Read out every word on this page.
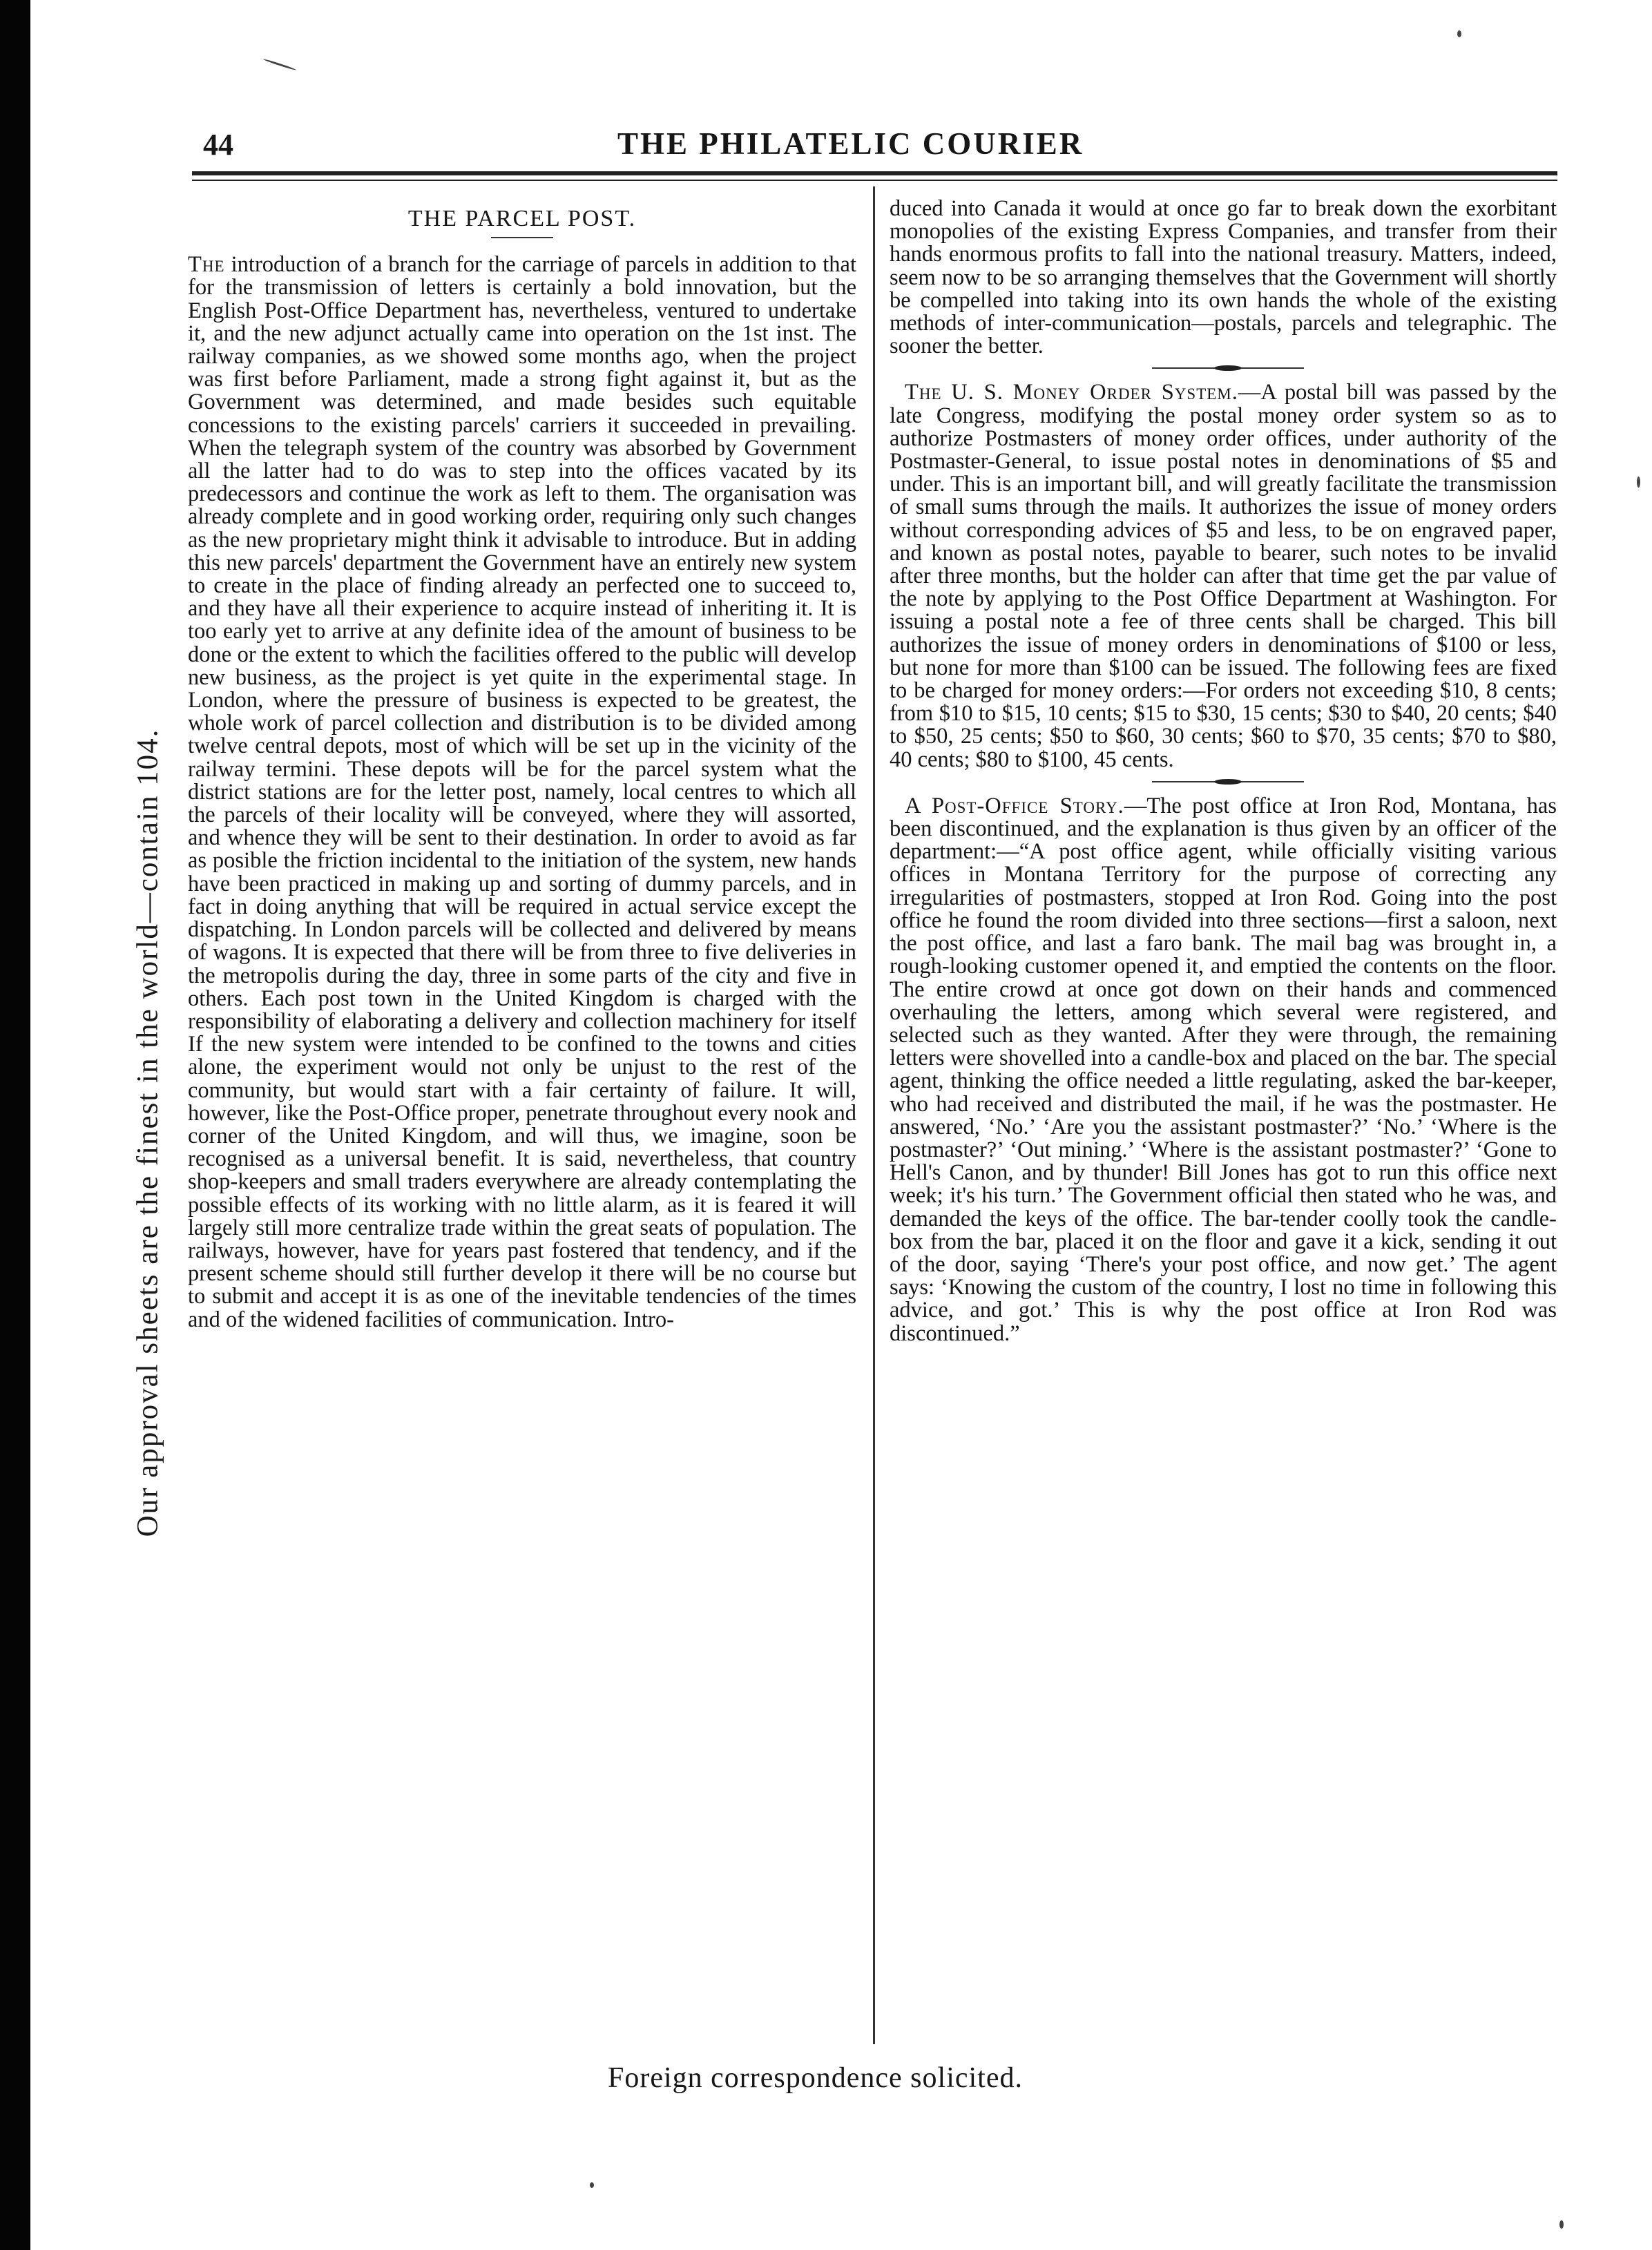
Our approval sheets are the finest in the world—contain 104.
44	THE PHILATELIC COURIER
THE PARCEL POST.

The introduction of a branch for the carriage of parcels in addition to that for the transmission of letters is certainly a bold innovation, but the English Post-Office Department has, nevertheless, ventured to undertake it, and the new adjunct actually came into operation on the 1st inst. The railway companies, as we showed some months ago, when the project was first before Parliament, made a strong fight against it, but as the Government was determined, and made besides such equitable concessions to the existing parcels' carriers it succeeded in prevailing. When the telegraph system of the country was absorbed by Government all the latter had to do was to step into the offices vacated by its predecessors and continue the work as left to them. The organisation was already complete and in good working order, requiring only such changes as the new proprietary might think it advisable to introduce. But in adding this new parcels' department the Government have an entirely new system to create in the place of finding already an perfected one to succeed to, and they have all their experience to acquire instead of inheriting it. It is too early yet to arrive at any definite idea of the amount of business to be done or the extent to which the facilities offered to the public will develop new business, as the project is yet quite in the experimental stage. In London, where the pressure of business is expected to be greatest, the whole work of parcel collection and distribution is to be divided among twelve central depots, most of which will be set up in the vicinity of the railway termini. These depots will be for the parcel system what the district stations are for the letter post, namely, local centres to which all the parcels of their locality will be conveyed, where they will assorted, and whence they will be sent to their destination. In order to avoid as far as posible the friction incidental to the initiation of the system, new hands have been practiced in making up and sorting of dummy parcels, and in fact in doing anything that will be required in actual service except the dispatching. In London parcels will be collected and delivered by means of wagons. It is expected that there will be from three to five deliveries in the metropolis during the day, three in some parts of the city and five in others. Each post town in the United Kingdom is charged with the responsibility of elaborating a delivery and collection machinery for itself If the new system were intended to be confined to the towns and cities alone, the experiment would not only be unjust to the rest of the community, but would start with a fair certainty of failure. It will, however, like the Post-Office proper, penetrate throughout every nook and corner of the United Kingdom, and will thus, we imagine, soon be recognised as a universal benefit. It is said, nevertheless, that country shop-keepers and small traders everywhere are already contemplating the possible effects of its working with no little alarm, as it is feared it will largely still more centralize trade within the great seats of population. The railways, however, have for years past fostered that tendency, and if the present scheme should still further develop it there will be no course but to submit and accept it is as one of the inevitable tendencies of the times and of the widened facilities of communication. Intro-

duced into Canada it would at once go far to break down the exorbitant monopolies of the existing Express Companies, and transfer from their hands enormous profits to fall into the national treasury. Matters, indeed, seem now to be so arranging themselves that the Government will shortly be compelled into taking into its own hands the whole of the existing methods of inter-communication—postals, parcels and telegraphic. The sooner the better.

The U. S. Money Order System.—A postal bill was passed by the late Congress, modifying the postal money order system so as to authorize Postmasters of money order offices, under authority of the Postmaster-General, to issue postal notes in denominations of $5 and under. This is an important bill, and will greatly facilitate the transmission of small sums through the mails. It authorizes the issue of money orders without corresponding advices of $5 and less, to be on engraved paper, and known as postal notes, payable to bearer, such notes to be invalid after three months, but the holder can after that time get the par value of the note by applying to the Post Office Department at Washington. For issuing a postal note a fee of three cents shall be charged. This bill authorizes the issue of money orders in denominations of $100 or less, but none for more than $100 can be issued. The following fees are fixed to be charged for money orders:—For orders not exceeding $10, 8 cents; from $10 to $15, 10 cents; $15 to $30, 15 cents; $30 to $40, 20 cents; $40 to $50, 25 cents; $50 to $60, 30 cents; $60 to $70, 35 cents; $70 to $80, 40 cents; $80 to $100, 45 cents.

A Post-Office Story.—The post office at Iron Rod, Montana, has been discontinued, and the explanation is thus given by an officer of the department:—“A post office agent, while officially visiting various offices in Montana Territory for the purpose of correcting any irregularities of postmasters, stopped at Iron Rod. Going into the post office he found the room divided into three sections—first a saloon, next the post office, and last a faro bank. The mail bag was brought in, a rough-looking customer opened it, and emptied the contents on the floor. The entire crowd at once got down on their hands and commenced overhauling the letters, among which several were registered, and selected such as they wanted. After they were through, the remaining letters were shovelled into a candle-box and placed on the bar. The special agent, thinking the office needed a little regulating, asked the bar-keeper, who had received and distributed the mail, if he was the postmaster. He answered, ‘No.’ ‘Are you the assistant postmaster?’ ‘No.’ ‘Where is the postmaster?’ ‘Out mining.’ ‘Where is the assistant postmaster?’ ‘Gone to Hell's Canon, and by thunder! Bill Jones has got to run this office next week; it's his turn.’ The Government official then stated who he was, and demanded the keys of the office. The bar-tender coolly took the candle-box from the bar, placed it on the floor and gave it a kick, sending it out of the door, saying ‘There's your post office, and now get.’ The agent says: ‘Knowing the custom of the country, I lost no time in following this advice, and got.’ This is why the post office at Iron Rod was discontinued.”

Foreign correspondence solicited.
